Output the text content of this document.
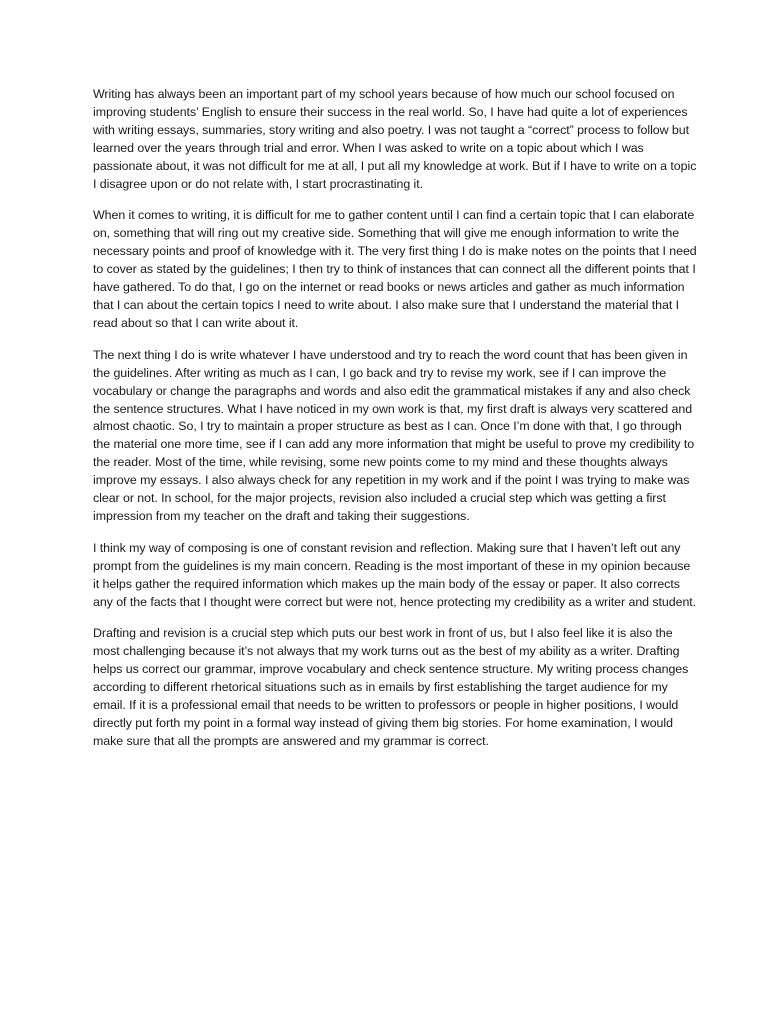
Writing has always been an important part of my school years because of how much our school focused on improving students’ English to ensure their success in the real world. So, I have had quite a lot of experiences with writing essays, summaries, story writing and also poetry. I was not taught a “correct” process to follow but learned over the years through trial and error. When I was asked to write on a topic about which I was passionate about, it was not difficult for me at all, I put all my knowledge at work. But if I have to write on a topic I disagree upon or do not relate with, I start procrastinating it.

When it comes to writing, it is difficult for me to gather content until I can find a certain topic that I can elaborate on, something that will ring out my creative side. Something that will give me enough information to write the necessary points and proof of knowledge with it. The very first thing I do is make notes on the points that I need to cover as stated by the guidelines; I then try to think of instances that can connect all the different points that I have gathered. To do that, I go on the internet or read books or news articles and gather as much information that I can about the certain topics I need to write about. I also make sure that I understand the material that I read about so that I can write about it.

The next thing I do is write whatever I have understood and try to reach the word count that has been given in the guidelines. After writing as much as I can, I go back and try to revise my work, see if I can improve the vocabulary or change the paragraphs and words and also edit the grammatical mistakes if any and also check the sentence structures. What I have noticed in my own work is that, my first draft is always very scattered and almost chaotic. So, I try to maintain a proper structure as best as I can. Once I’m done with that, I go through the material one more time, see if I can add any more information that might be useful to prove my credibility to the reader. Most of the time, while revising, some new points come to my mind and these thoughts always improve my essays. I also always check for any repetition in my work and if the point I was trying to make was clear or not. In school, for the major projects, revision also included a crucial step which was getting a first impression from my teacher on the draft and taking their suggestions.

I think my way of composing is one of constant revision and reflection. Making sure that I haven’t left out any prompt from the guidelines is my main concern. Reading is the most important of these in my opinion because it helps gather the required information which makes up the main body of the essay or paper. It also corrects any of the facts that I thought were correct but were not, hence protecting my credibility as a writer and student.

Drafting and revision is a crucial step which puts our best work in front of us, but I also feel like it is also the most challenging because it’s not always that my work turns out as the best of my ability as a writer. Drafting helps us correct our grammar, improve vocabulary and check sentence structure. My writing process changes according to different rhetorical situations such as in emails by first establishing the target audience for my email. If it is a professional email that needs to be written to professors or people in higher positions, I would directly put forth my point in a formal way instead of giving them big stories. For home examination, I would make sure that all the prompts are answered and my grammar is correct.
